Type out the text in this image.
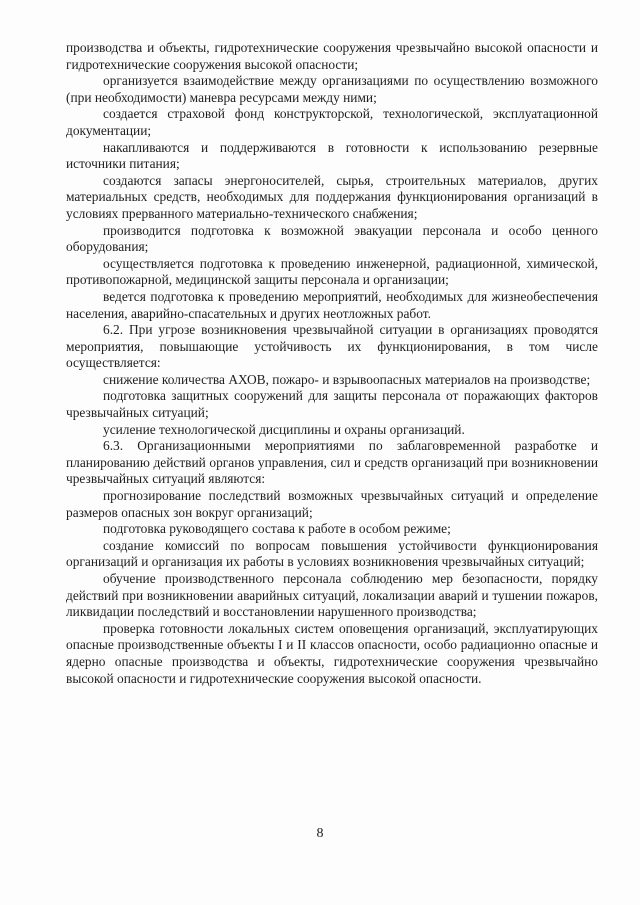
производства и объекты, гидротехнические сооружения чрезвычайно высокой опасности и гидротехнические сооружения высокой опасности;

организуется взаимодействие между организациями по осуществлению возможного (при необходимости) маневра ресурсами между ними;

создается страховой фонд конструкторской, технологической, эксплуатационной документации;

накапливаются и поддерживаются в готовности к использованию резервные источники питания;

создаются запасы энергоносителей, сырья, строительных материалов, других материальных средств, необходимых для поддержания функционирования организаций в условиях прерванного материально-технического снабжения;

производится подготовка к возможной эвакуации персонала и особо ценного оборудования;

осуществляется подготовка к проведению инженерной, радиационной, химической, противопожарной, медицинской защиты персонала и организации;

ведется подготовка к проведению мероприятий, необходимых для жизнеобеспечения населения, аварийно-спасательных и других неотложных работ.

6.2. При угрозе возникновения чрезвычайной ситуации в организациях проводятся мероприятия, повышающие устойчивость их функционирования, в том числе осуществляется:

снижение количества АХОВ, пожаро- и взрывоопасных материалов на производстве;

подготовка защитных сооружений для защиты персонала от поражающих факторов чрезвычайных ситуаций;

усиление технологической дисциплины и охраны организаций.

6.3. Организационными мероприятиями по заблаговременной разработке и планированию действий органов управления, сил и средств организаций при возникновении чрезвычайных ситуаций являются:

прогнозирование последствий возможных чрезвычайных ситуаций и определение размеров опасных зон вокруг организаций;

подготовка руководящего состава к работе в особом режиме;

создание комиссий по вопросам повышения устойчивости функционирования организаций и организация их работы в условиях возникновения чрезвычайных ситуаций;

обучение производственного персонала соблюдению мер безопасности, порядку действий при возникновении аварийных ситуаций, локализации аварий и тушении пожаров, ликвидации последствий и восстановлении нарушенного производства;

проверка готовности локальных систем оповещения организаций, эксплуатирующих опасные производственные объекты I и II классов опасности, особо радиационно опасные и ядерно опасные производства и объекты, гидротехнические сооружения чрезвычайно высокой опасности и гидротехнические сооружения высокой опасности.

8
